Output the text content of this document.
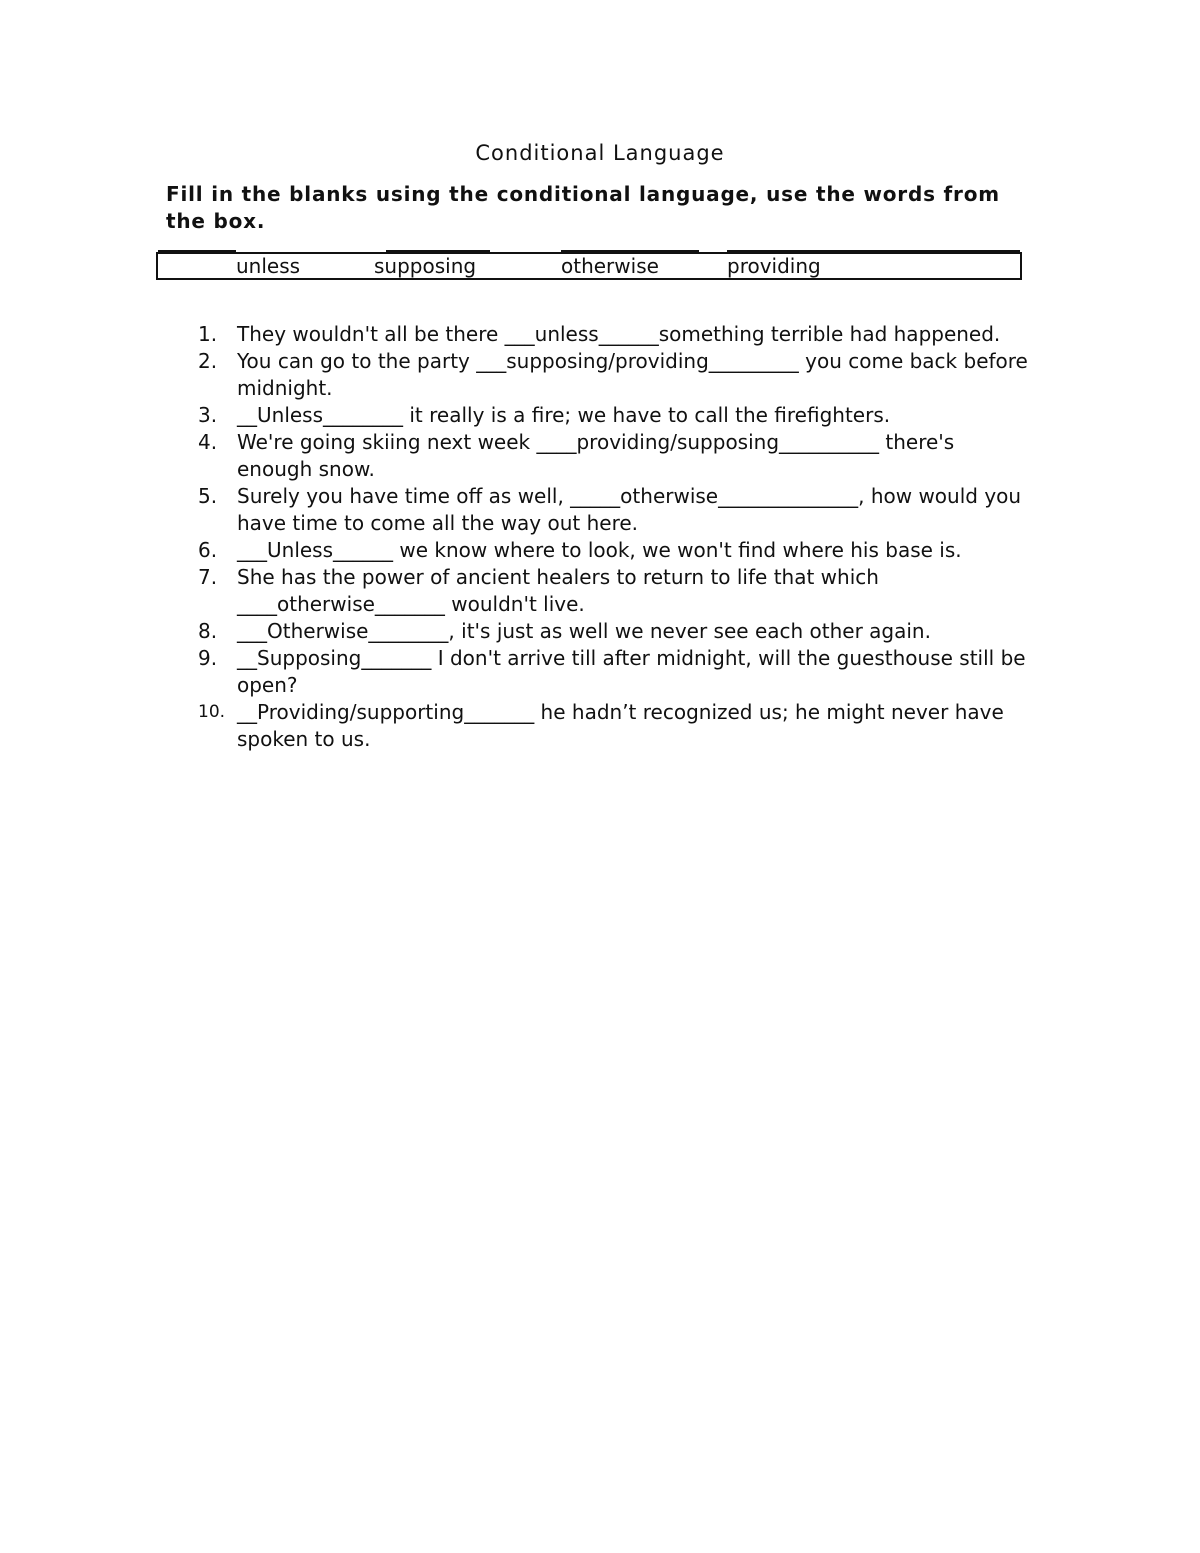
Conditional Language
Fill in the blanks using the conditional language, use the words from the box.
unless	supposing	otherwise	providing
1. They wouldn't all be there ___unless______something terrible had happened.
2. You can go to the party ___supposing/providing_________ you come back before midnight.
3. __Unless________ it really is a fire; we have to call the firefighters.
4. We're going skiing next week ____providing/supposing__________ there's enough snow.
5. Surely you have time off as well, _____otherwise______________, how would you have time to come all the way out here.
6. ___Unless______ we know where to look, we won't find where his base is.
7. She has the power of ancient healers to return to life that which ____otherwise_______ wouldn't live.
8. ___Otherwise________, it's just as well we never see each other again.
9. __Supposing_______ I don't arrive till after midnight, will the guesthouse still be open?
10. __Providing/supporting_______ he hadn’t recognized us; he might never have spoken to us.
